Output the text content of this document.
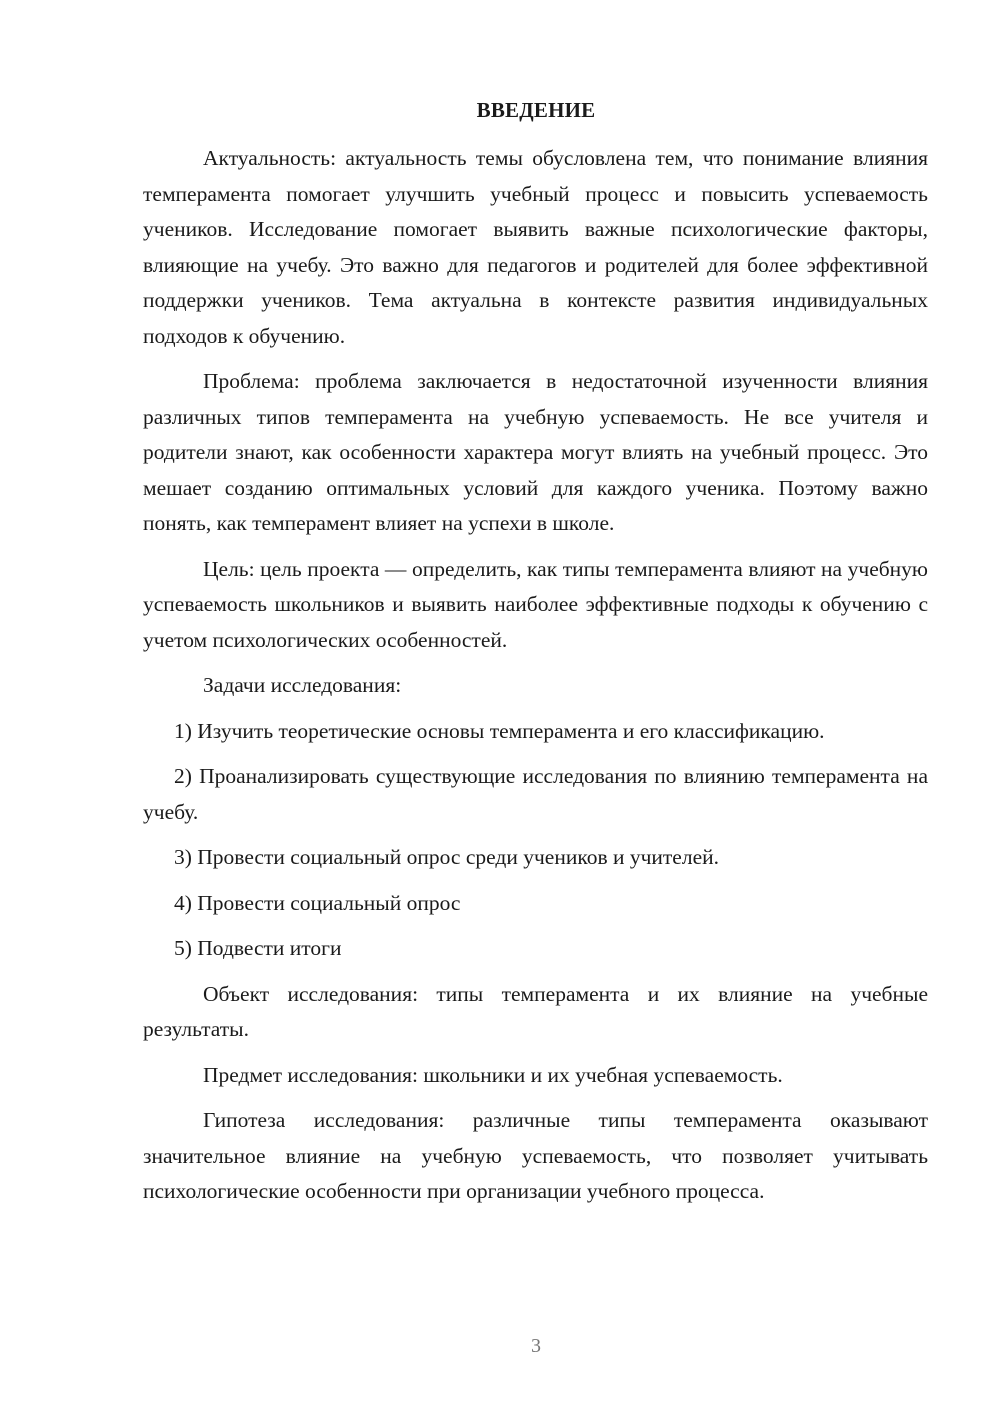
ВВЕДЕНИЕ

Актуальность: актуальность темы обусловлена тем, что понимание влияния темперамента помогает улучшить учебный процесс и повысить успеваемость учеников. Исследование помогает выявить важные психологические факторы, влияющие на учебу. Это важно для педагогов и родителей для более эффективной поддержки учеников. Тема актуальна в контексте развития индивидуальных подходов к обучению.

Проблема: проблема заключается в недостаточной изученности влияния различных типов темперамента на учебную успеваемость. Не все учителя и родители знают, как особенности характера могут влиять на учебный процесс. Это мешает созданию оптимальных условий для каждого ученика. Поэтому важно понять, как темперамент влияет на успехи в школе.

Цель: цель проекта — определить, как типы темперамента влияют на учебную успеваемость школьников и выявить наиболее эффективные подходы к обучению с учетом психологических особенностей.

Задачи исследования:

1) Изучить теоретические основы темперамента и его классификацию.

2) Проанализировать существующие исследования по влиянию темперамента на учебу.

3) Провести социальный опрос среди учеников и учителей.

4) Провести социальный опрос

5) Подвести итоги

Объект исследования: типы темперамента и их влияние на учебные результаты.

Предмет исследования: школьники и их учебная успеваемость.

Гипотеза исследования: различные типы темперамента оказывают значительное влияние на учебную успеваемость, что позволяет учитывать психологические особенности при организации учебного процесса.

3
